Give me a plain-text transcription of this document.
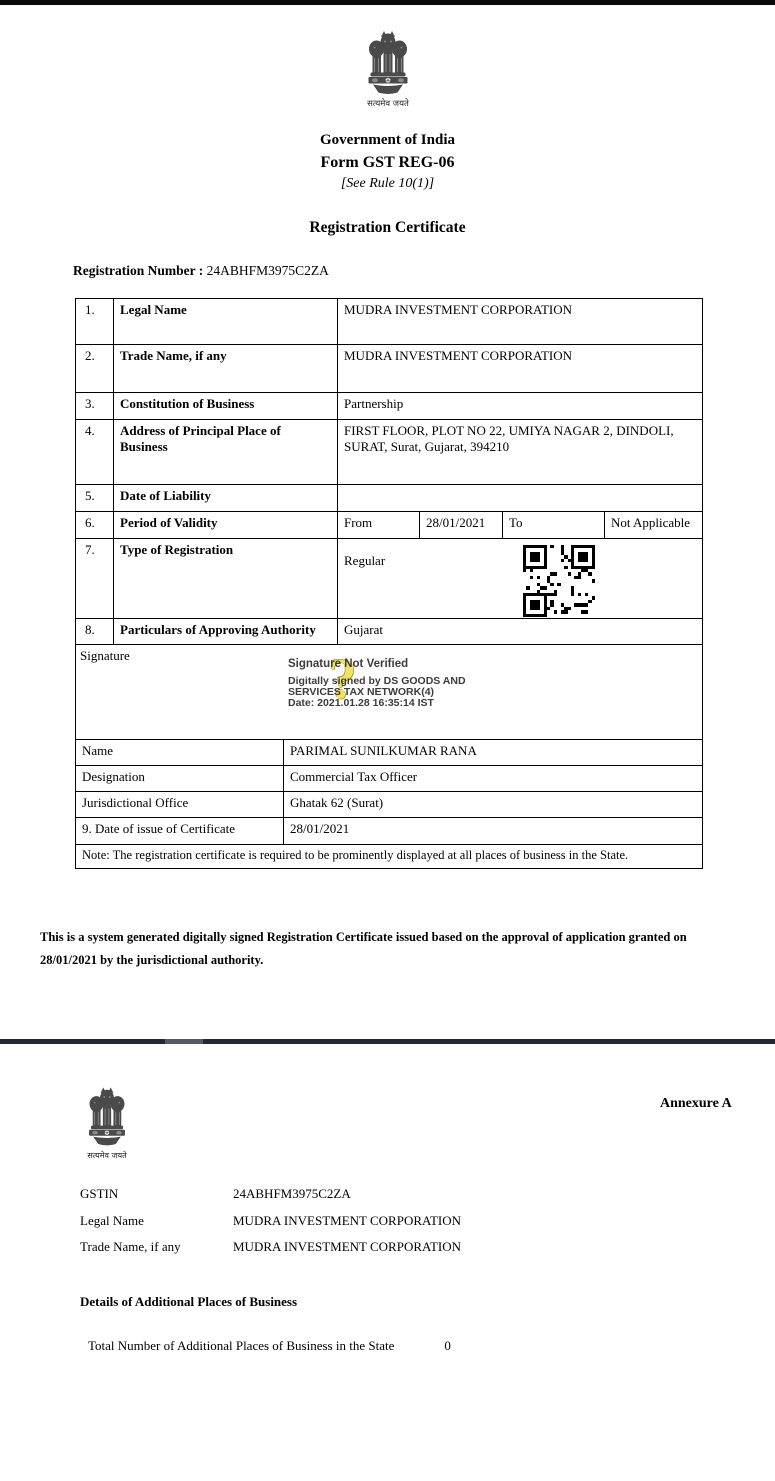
सत्यमेव जयते
Government of India
Form GST REG-06
[See Rule 10(1)]
Registration Certificate
Registration Number : 24ABHFM3975C2ZA
1.	Legal Name	MUDRA INVESTMENT CORPORATION
2.	Trade Name, if any	MUDRA INVESTMENT CORPORATION
3.	Constitution of Business	Partnership
4.	Address of Principal Place of Business
FIRST FLOOR, PLOT NO 22, UMIYA NAGAR 2, DINDOLI, SURAT, Surat, Gujarat, 394210
5.	Date of Liability
6.	Period of Validity	From	28/01/2021	To	Not Applicable
7.	Type of Registration
Regular
8.	Particulars of Approving Authority	Gujarat
Signature	?
Signature Not Verified
Digitally signed by DS GOODS AND
SERVICES TAX NETWORK(4)
Date: 2021.01.28 16:35:14 IST
Name	PARIMAL SUNILKUMAR RANA
Designation	Commercial Tax Officer
Jurisdictional Office	Ghatak 62 (Surat)
9. Date of issue of Certificate	28/01/2021
Note: The registration certificate is required to be prominently displayed at all places of business in the State.
This is a system generated digitally signed Registration Certificate issued based on the approval of application granted on 28/01/2021 by the jurisdictional authority.
सत्यमेव जयते
Annexure A
GSTIN	24ABHFM3975C2ZA
Legal Name	MUDRA INVESTMENT CORPORATION
Trade Name, if any	MUDRA INVESTMENT CORPORATION
Details of Additional Places of Business
Total Number of Additional Places of Business in the State	0
